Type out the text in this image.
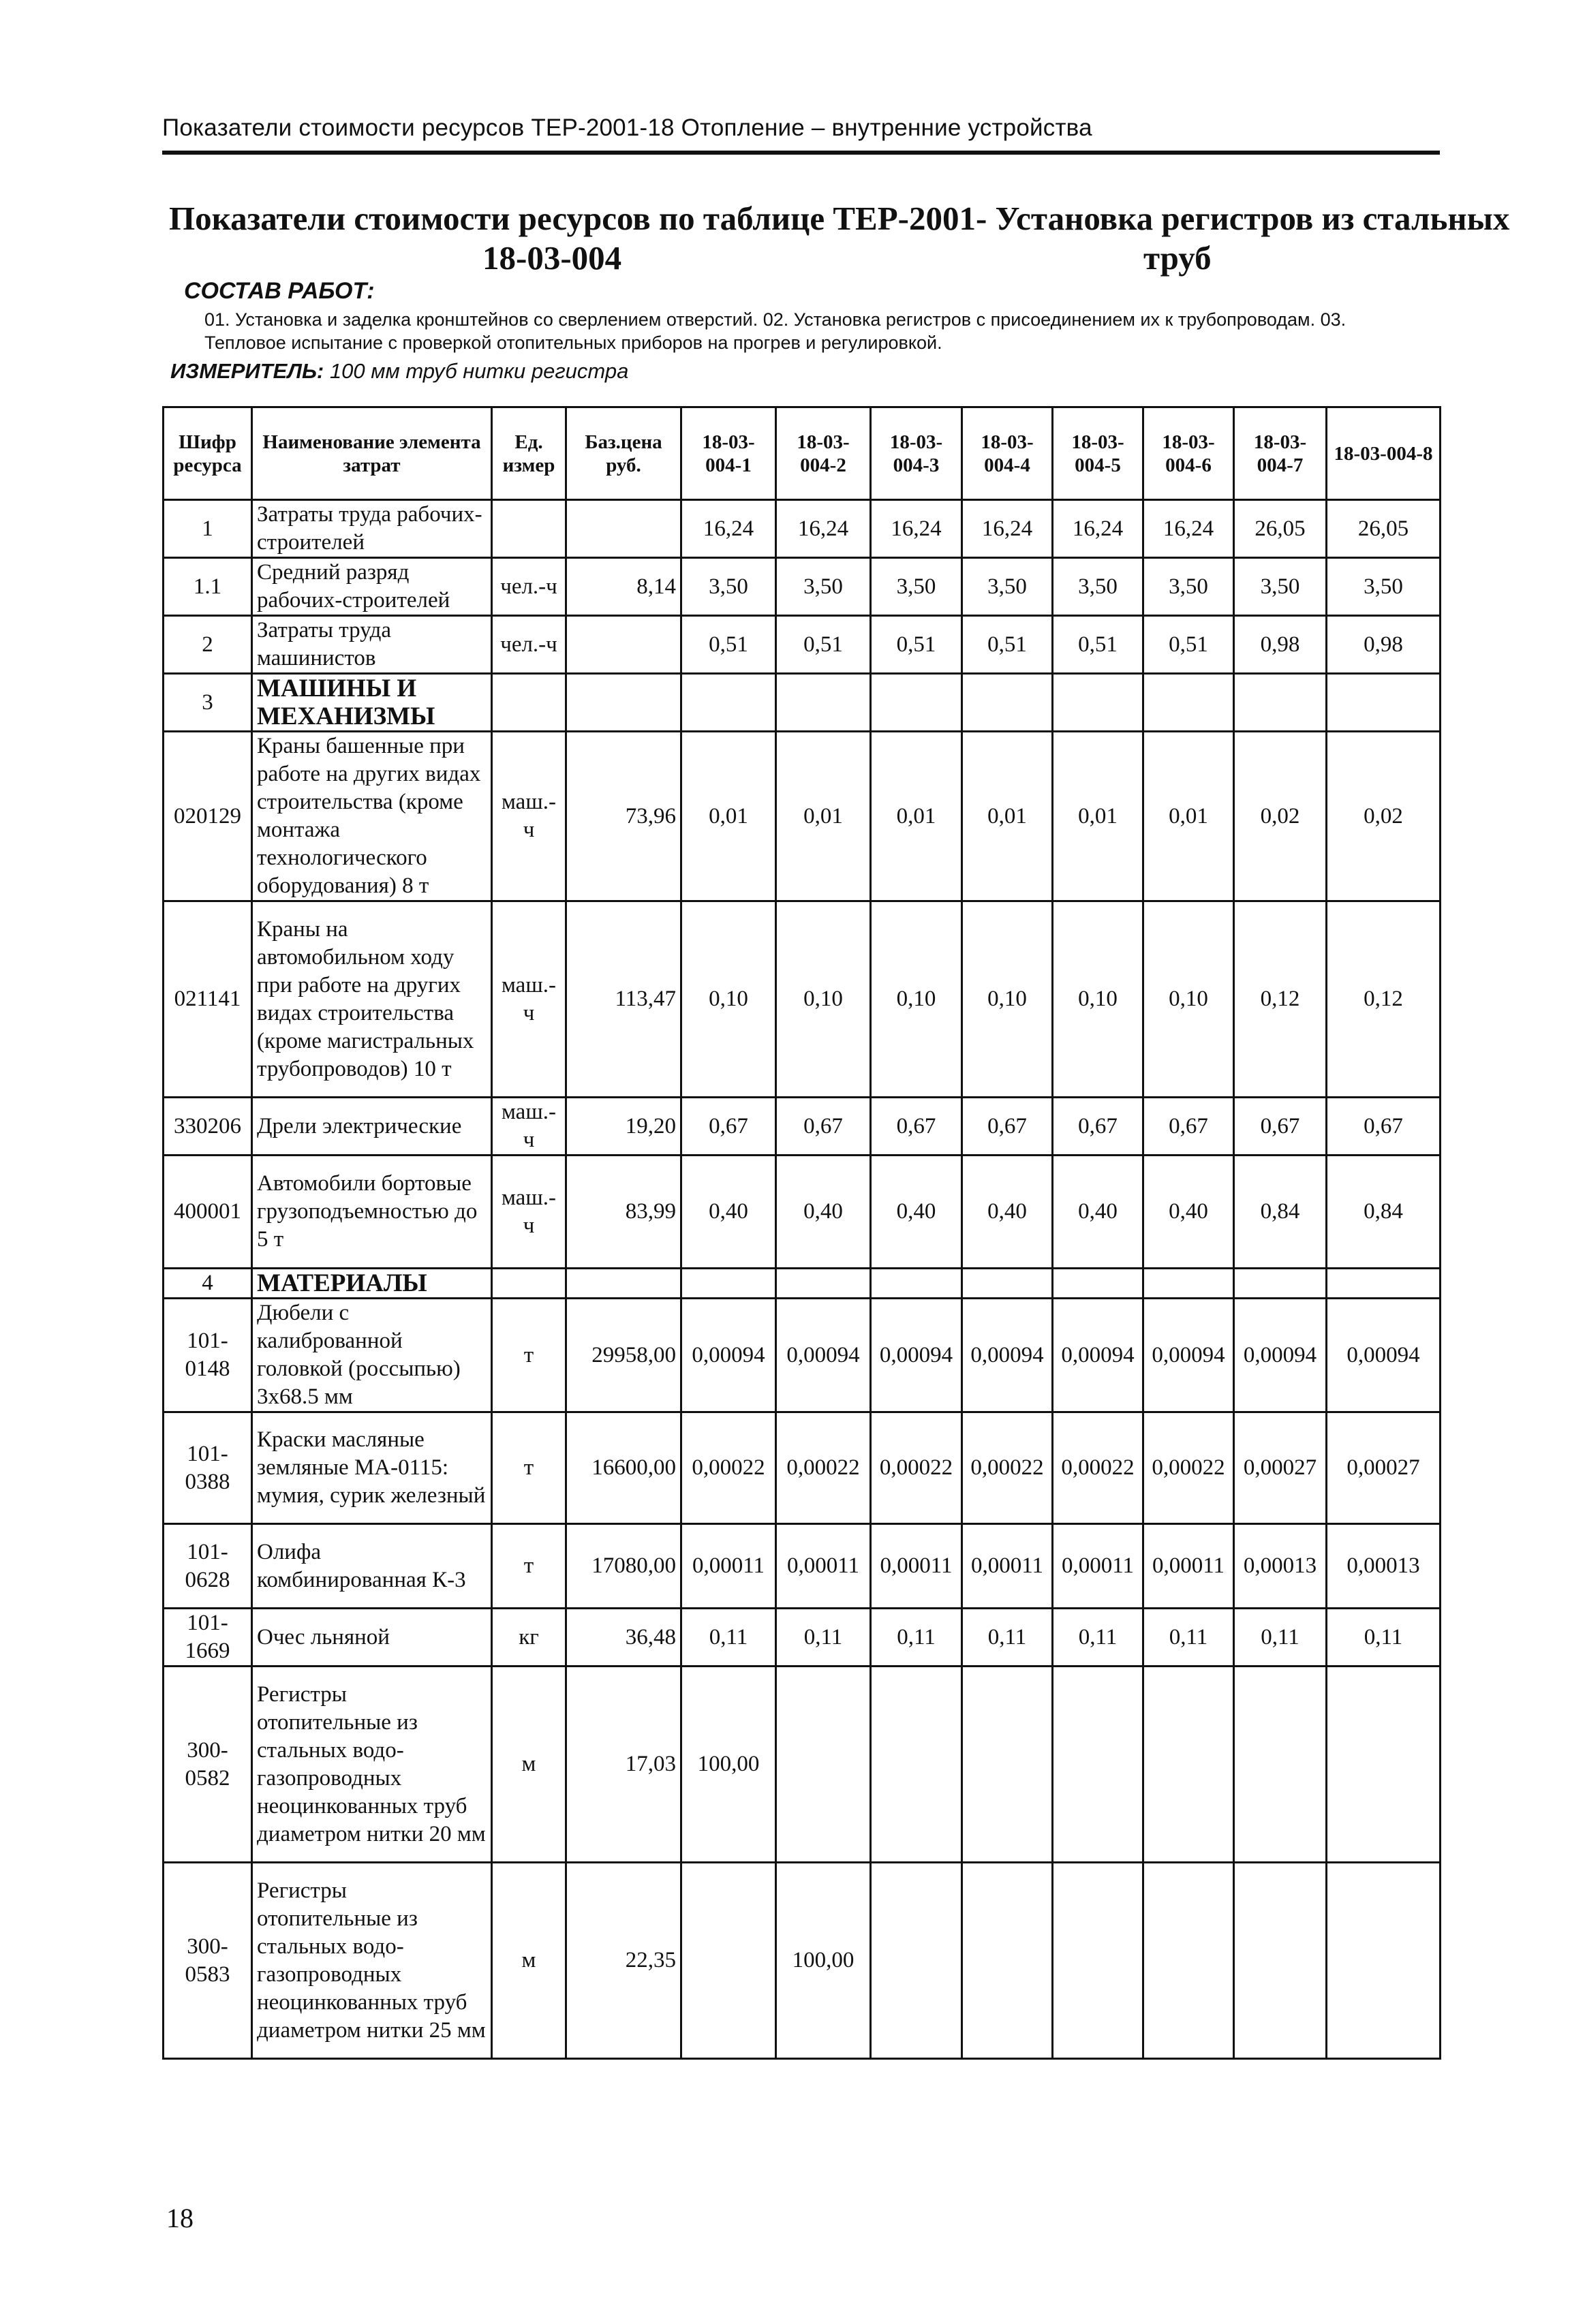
Показатели стоимости ресурсов ТЕР-2001-18 Отопление – внутренние устройства
Показатели стоимости ресурсов по таблице ТЕР-2001- Установка регистров из стальных
18-03-004	труб
СОСТАВ РАБОТ:
01. Установка и заделка кронштейнов со сверлением отверстий. 02. Установка регистров с присоединением их к трубопроводам. 03. Тепловое испытание с проверкой отопительных приборов на прогрев и регулировкой.
ИЗМЕРИТЕЛЬ: 100 мм труб нитки регистра
Шифр ресурса	Наименование элемента затрат	Ед. измер	Баз.цена руб.	18-03-004-1	18-03-004-2	18-03-004-3	18-03-004-4	18-03-004-5	18-03-004-6	18-03-004-7	18-03-004-8
1	Затраты труда рабочих-строителей			16,24	16,24	16,24	16,24	16,24	16,24	26,05	26,05
1.1	Средний разряд рабочих-строителей	чел.-ч	8,14	3,50	3,50	3,50	3,50	3,50	3,50	3,50	3,50
2	Затраты труда машинистов	чел.-ч		0,51	0,51	0,51	0,51	0,51	0,51	0,98	0,98
3	МАШИНЫ И МЕХАНИЗМЫ										
020129	Краны башенные при работе на других видах строительства (кроме монтажа технологического оборудования) 8 т	маш.-ч	73,96	0,01	0,01	0,01	0,01	0,01	0,01	0,02	0,02
021141	Краны на автомобильном ходу при работе на других видах строительства (кроме магистральных трубопроводов) 10 т	маш.-ч	113,47	0,10	0,10	0,10	0,10	0,10	0,10	0,12	0,12
330206	Дрели электрические	маш.-ч	19,20	0,67	0,67	0,67	0,67	0,67	0,67	0,67	0,67
400001	Автомобили бортовые грузоподъемностью до 5 т	маш.-ч	83,99	0,40	0,40	0,40	0,40	0,40	0,40	0,84	0,84
4	МАТЕРИАЛЫ										
101-0148	Дюбели с калиброванной головкой (россыпью) 3х68.5 мм	т	29958,00	0,00094	0,00094	0,00094	0,00094	0,00094	0,00094	0,00094	0,00094
101-0388	Краски масляные земляные МА-0115: мумия, сурик железный	т	16600,00	0,00022	0,00022	0,00022	0,00022	0,00022	0,00022	0,00027	0,00027
101-0628	Олифа комбинированная К-3	т	17080,00	0,00011	0,00011	0,00011	0,00011	0,00011	0,00011	0,00013	0,00013
101-1669	Очес льняной	кг	36,48	0,11	0,11	0,11	0,11	0,11	0,11	0,11	0,11
300-0582	Регистры отопительные из стальных водо-газопроводных неоцинкованных труб диаметром нитки 20 мм	м	17,03	100,00							
300-0583	Регистры отопительные из стальных водо-газопроводных неоцинкованных труб диаметром нитки 25 мм	м	22,35		100,00						
18
